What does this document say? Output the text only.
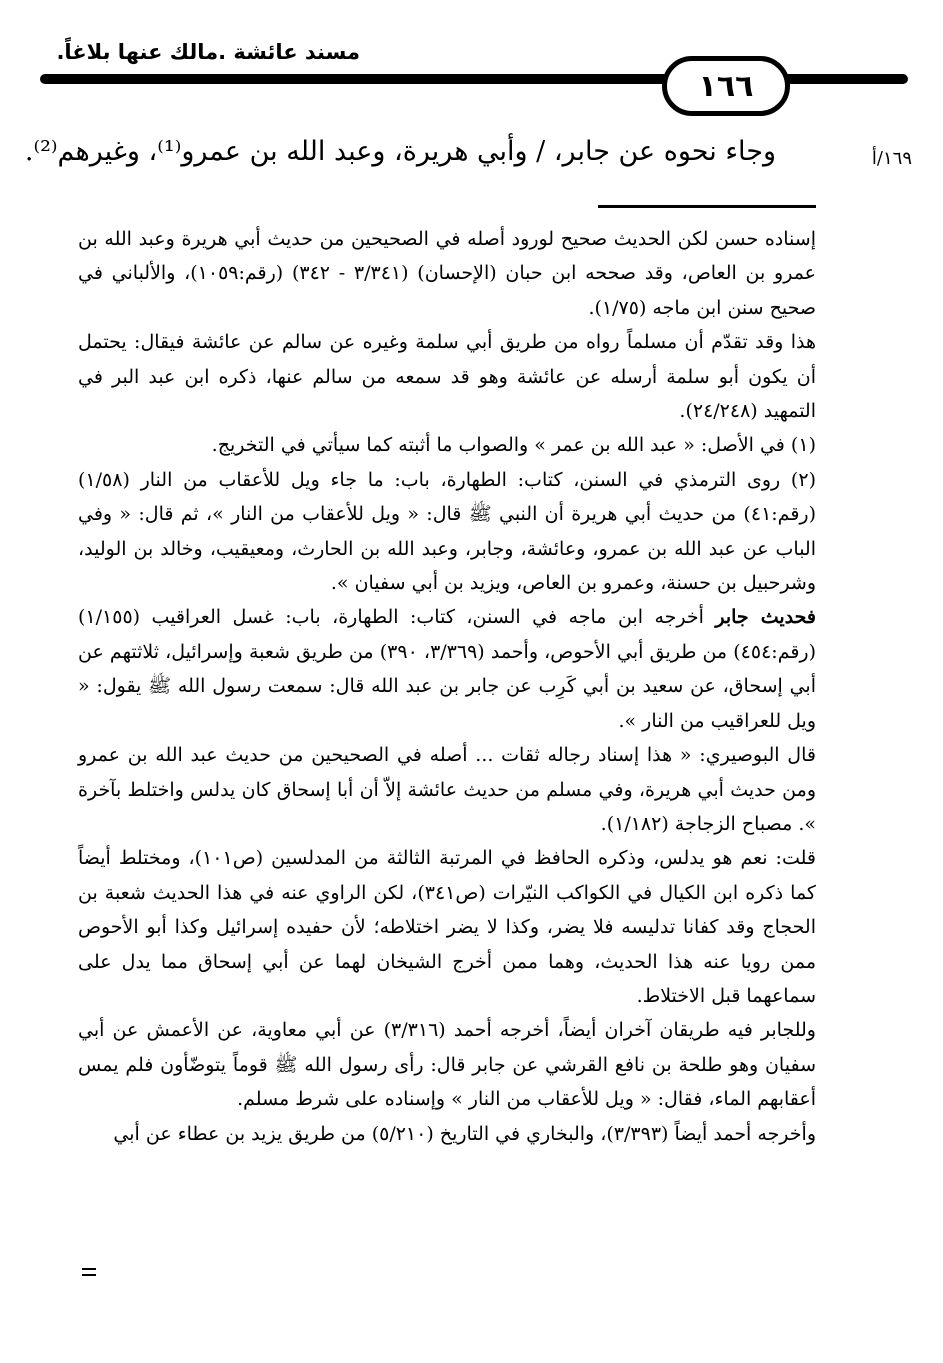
مسند عائشة .مالك عنها بلاغاً.
١٦٦
١٦٩/أ
وجاء نحوه عن جابر، / وأبي هريرة، وعبد الله بن عمرو⁽¹⁾، وغيرهم⁽²⁾.

إسناده حسن لكن الحديث صحيح لورود أصله في الصحيحين من حديث أبي هريرة وعبد الله بن عمرو بن العاص، وقد صححه ابن حبان (الإحسان) (٣/٣٤١ - ٣٤٢) (رقم:١٠٥٩)، والألباني في صحيح سنن ابن ماجه (١/٧٥).

هذا وقد تقدّم أن مسلماً رواه من طريق أبي سلمة وغيره عن سالم عن عائشة فيقال: يحتمل أن يكون أبو سلمة أرسله عن عائشة وهو قد سمعه من سالم عنها، ذكره ابن عبد البر في التمهيد (٢٤/٢٤٨).

(١) في الأصل: « عبد الله بن عمر » والصواب ما أثبته كما سيأتي في التخريج.

(٢) روى الترمذي في السنن، كتاب: الطهارة، باب: ما جاء ويل للأعقاب من النار (١/٥٨) (رقم:٤١) من حديث أبي هريرة أن النبي ﷺ قال: « ويل للأعقاب من النار »، ثم قال: « وفي الباب عن عبد الله بن عمرو، وعائشة، وجابر، وعبد الله بن الحارث، ومعيقيب، وخالد بن الوليد، وشرحبيل بن حسنة، وعمرو بن العاص، ويزيد بن أبي سفيان ».

فحديث جابر أخرجه ابن ماجه في السنن، كتاب: الطهارة، باب: غسل العراقيب (١/١٥٥) (رقم:٤٥٤) من طريق أبي الأحوص، وأحمد (٣/٣٦٩، ٣٩٠) من طريق شعبة وإسرائيل، ثلاثتهم عن أبي إسحاق، عن سعيد بن أبي كَرِب عن جابر بن عبد الله قال: سمعت رسول الله ﷺ يقول: « ويل للعراقيب من النار ».

قال البوصيري: « هذا إسناد رجاله ثقات ... أصله في الصحيحين من حديث عبد الله بن عمرو ومن حديث أبي هريرة، وفي مسلم من حديث عائشة إلاّ أن أبا إسحاق كان يدلس واختلط بآخرة ». مصباح الزجاجة (١/١٨٢).

قلت: نعم هو يدلس، وذكره الحافظ في المرتبة الثالثة من المدلسين (ص١٠١)، ومختلط أيضاً كما ذكره ابن الكيال في الكواكب النيّرات (ص٣٤١)، لكن الراوي عنه في هذا الحديث شعبة بن الحجاج وقد كفانا تدليسه فلا يضر، وكذا لا يضر اختلاطه؛ لأن حفيده إسرائيل وكذا أبو الأحوص ممن رويا عنه هذا الحديث، وهما ممن أخرج الشيخان لهما عن أبي إسحاق مما يدل على سماعهما قبل الاختلاط.

وللجابر فيه طريقان آخران أيضاً، أخرجه أحمد (٣/٣١٦) عن أبي معاوية، عن الأعمش عن أبي سفيان وهو طلحة بن نافع القرشي عن جابر قال: رأى رسول الله ﷺ قوماً يتوضّأون فلم يمس أعقابهم الماء، فقال: « ويل للأعقاب من النار » وإسناده على شرط مسلم.

وأخرجه أحمد أيضاً (٣/٣٩٣)، والبخاري في التاريخ (٥/٢١٠) من طريق يزيد بن عطاء عن أبي
